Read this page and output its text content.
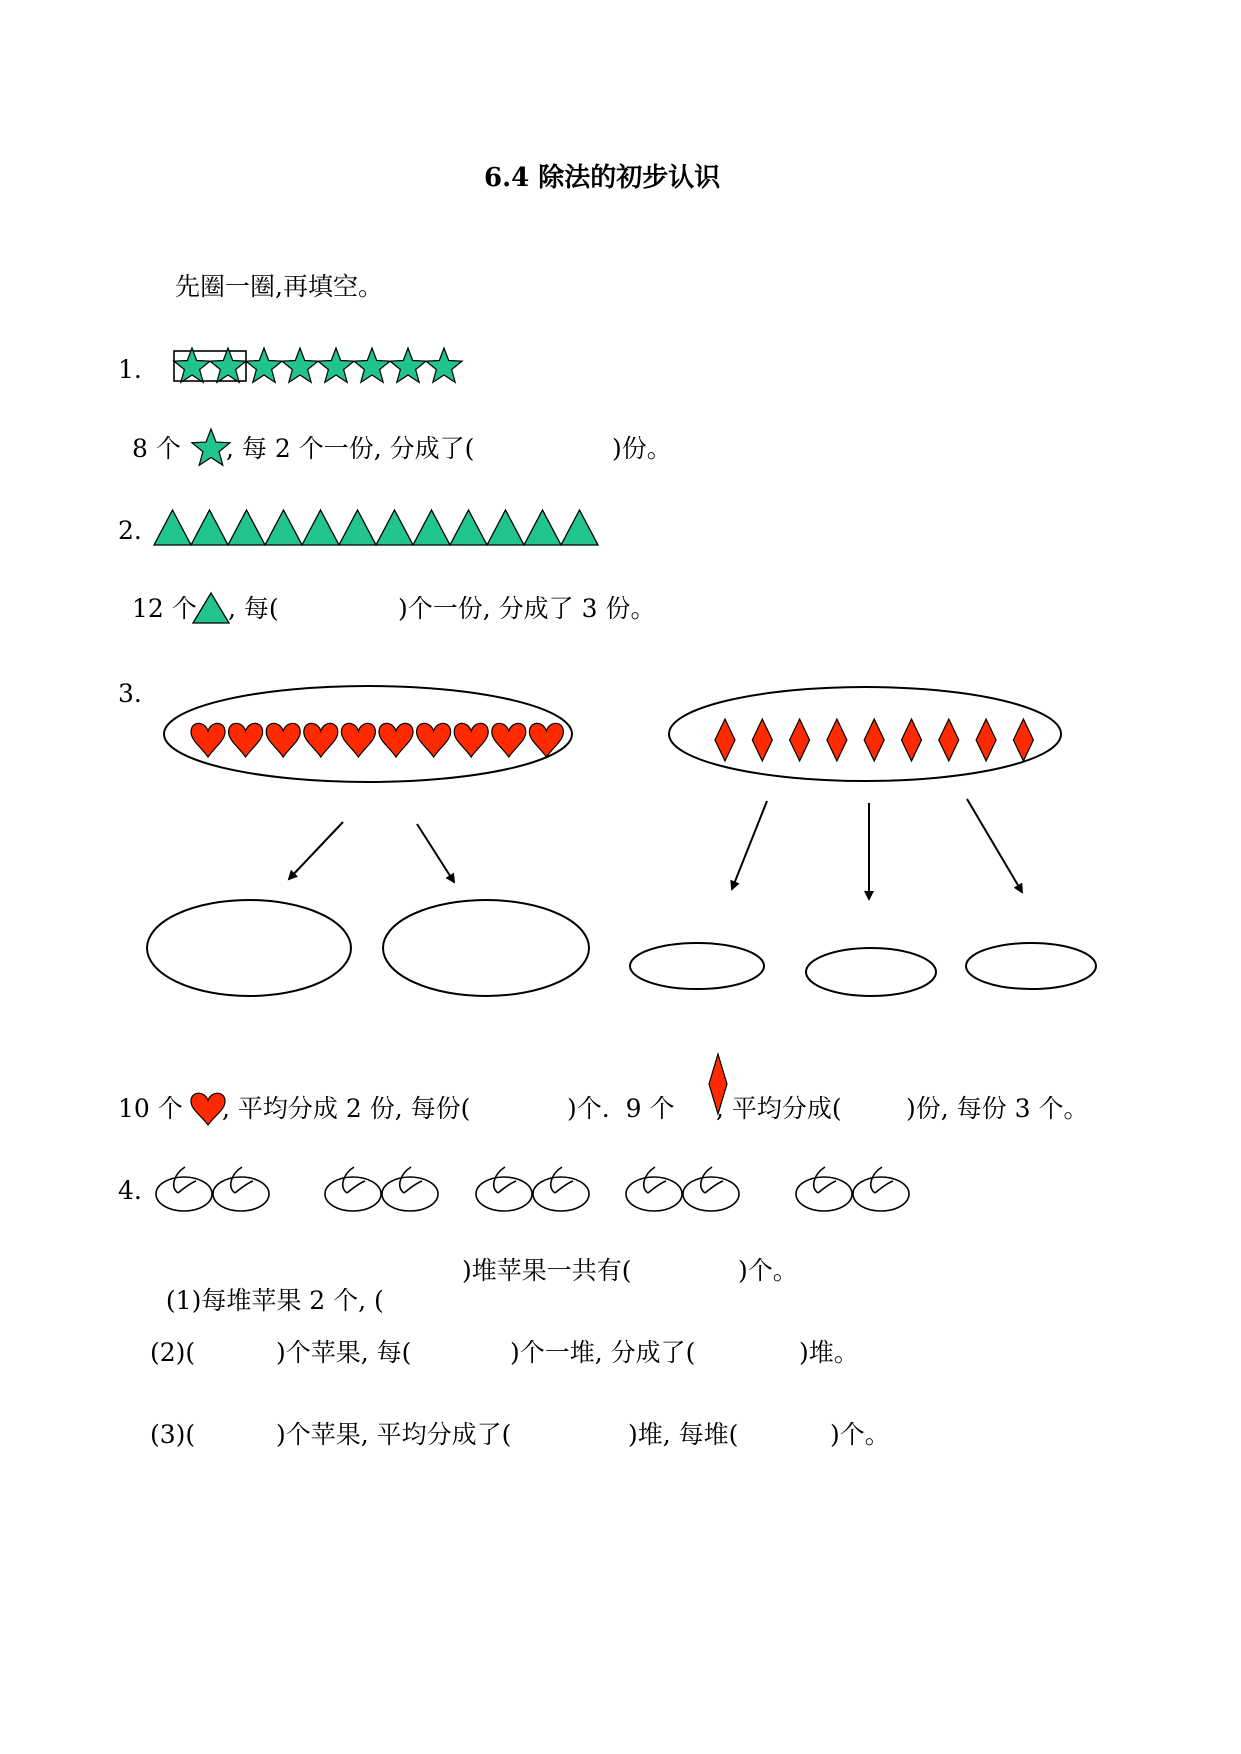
6.4 除法的初步认识
先圈一圈,再填空。
1.
8 个 , 每 2 个一份, 分成了(	)份。
2.
12 个 , 每(	)个一份, 分成了 3 份。
3.
10 个 , 平均分成 2 份, 每份(	)个.  9 个 , 平均分成(	)份, 每份 3 个。
4.

(1)每堆苹果 2 个, (

)堆苹果一共有(	)个。
(2)(	)个苹果, 每(	)个一堆, 分成了(	)堆。
(3)(	)个苹果, 平均分成了(	)堆, 每堆(	)个。
